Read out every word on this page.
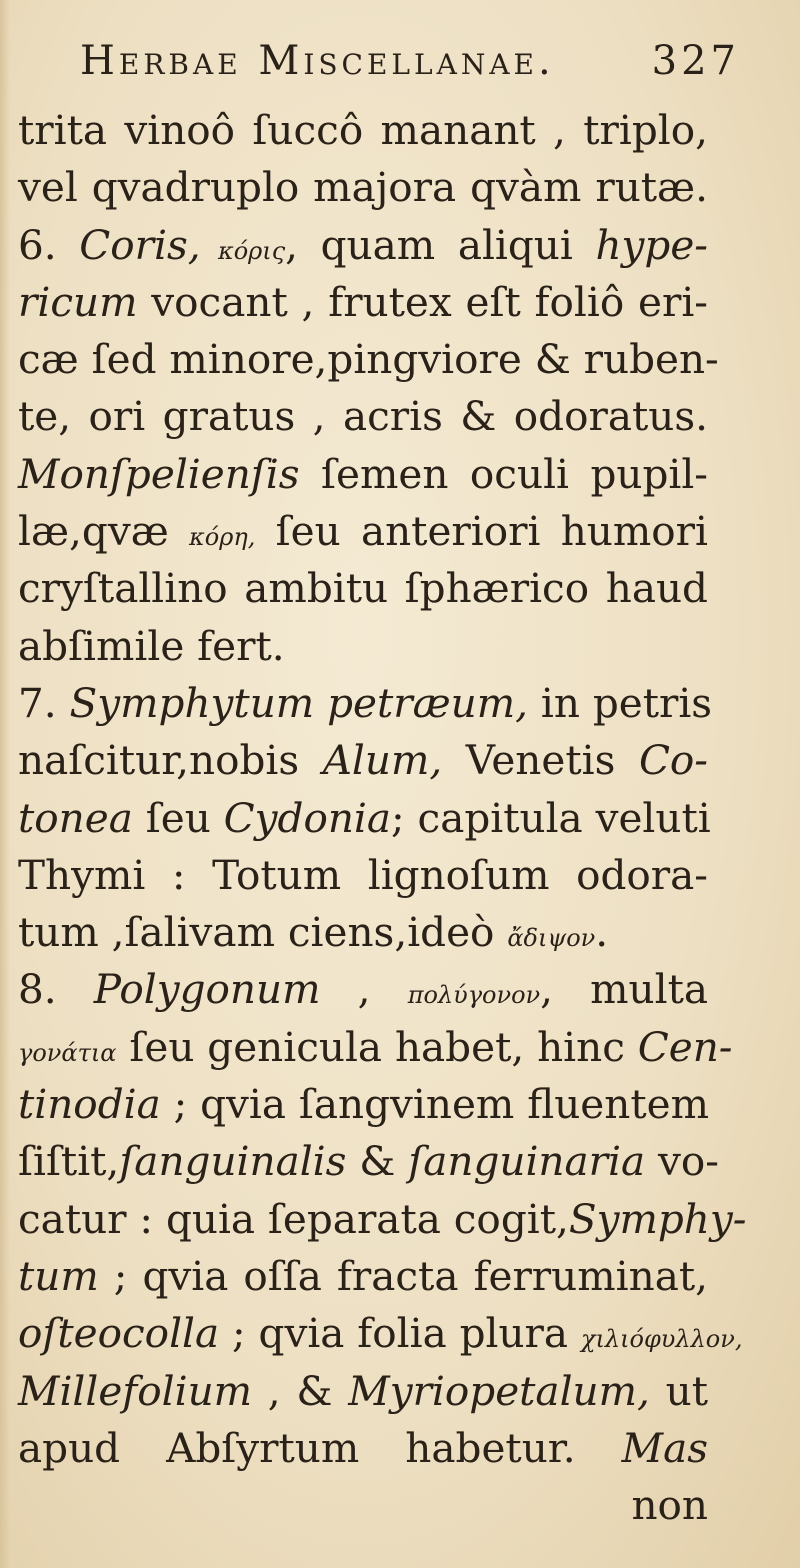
Herbae Miscellanae. 327
trita vinoô ſuccô manant , triplo,
vel qvadruplo majora qvàm rutæ.
6. Coris, κόρις, quam aliqui hype-
ricum vocant , frutex eſt foliô eri-
cæ ſed minore,pingviore & ruben-
te, ori gratus , acris & odoratus.
Monſpelienſis ſemen oculi pupil-
læ,qvæ κόρη, ſeu anteriori humori
cryſtallino ambitu ſphærico haud
abſimile fert.
7. Symphytum petræum, in petris
naſcitur,nobis Alum, Venetis Co-
tonea ſeu Cydonia; capitula veluti
Thymi : Totum lignoſum odora-
tum ,ſalivam ciens,ideò ἄδιψον.
8. Polygonum , πολύγονον, multa
γονάτια ſeu genicula habet, hinc Cen-
tinodia ; qvia ſangvinem fluentem
ſiſtit,ſanguinalis & ſanguinaria vo-
catur : quia ſeparata cogit,Symphy-
tum ; qvia oſſa fracta ferruminat,
oſteocolla ; qvia folia plura χιλιόφυλλον,
Millefolium , & Myriopetalum, ut
apud Abſyrtum habetur. Mas
non
